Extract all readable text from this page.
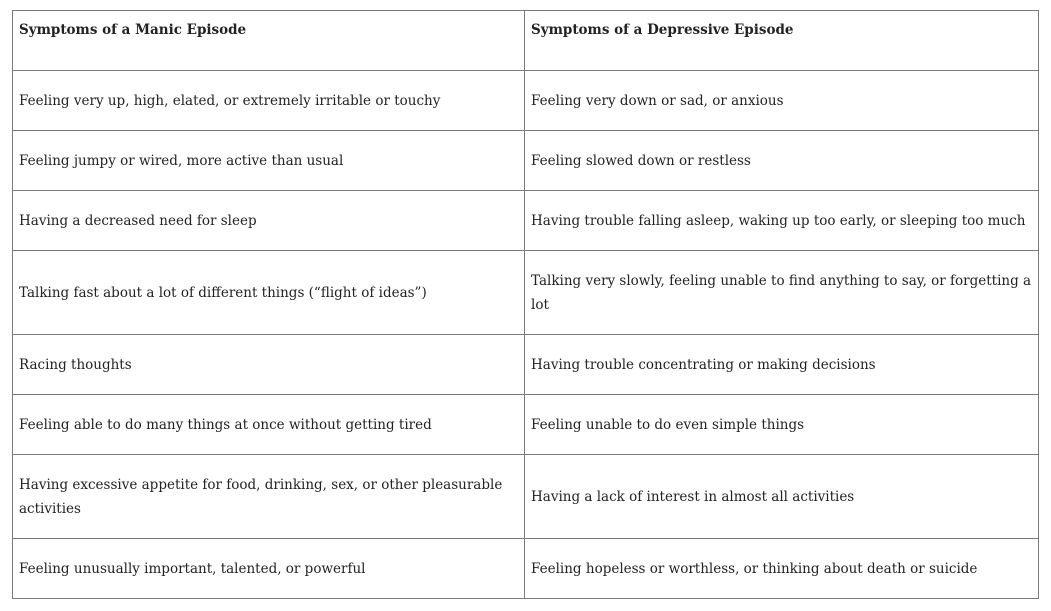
Symptoms of a Manic Episode	Symptoms of a Depressive Episode
Feeling very up, high, elated, or extremely irritable or touchy	Feeling very down or sad, or anxious
Feeling jumpy or wired, more active than usual	Feeling slowed down or restless
Having a decreased need for sleep	Having trouble falling asleep, waking up too early, or sleeping too much
Talking fast about a lot of different things (“flight of ideas”)	Talking very slowly, feeling unable to find anything to say, or forgetting a lot
Racing thoughts	Having trouble concentrating or making decisions
Feeling able to do many things at once without getting tired	Feeling unable to do even simple things
Having excessive appetite for food, drinking, sex, or other pleasurable activities	Having a lack of interest in almost all activities
Feeling unusually important, talented, or powerful	Feeling hopeless or worthless, or thinking about death or suicide
